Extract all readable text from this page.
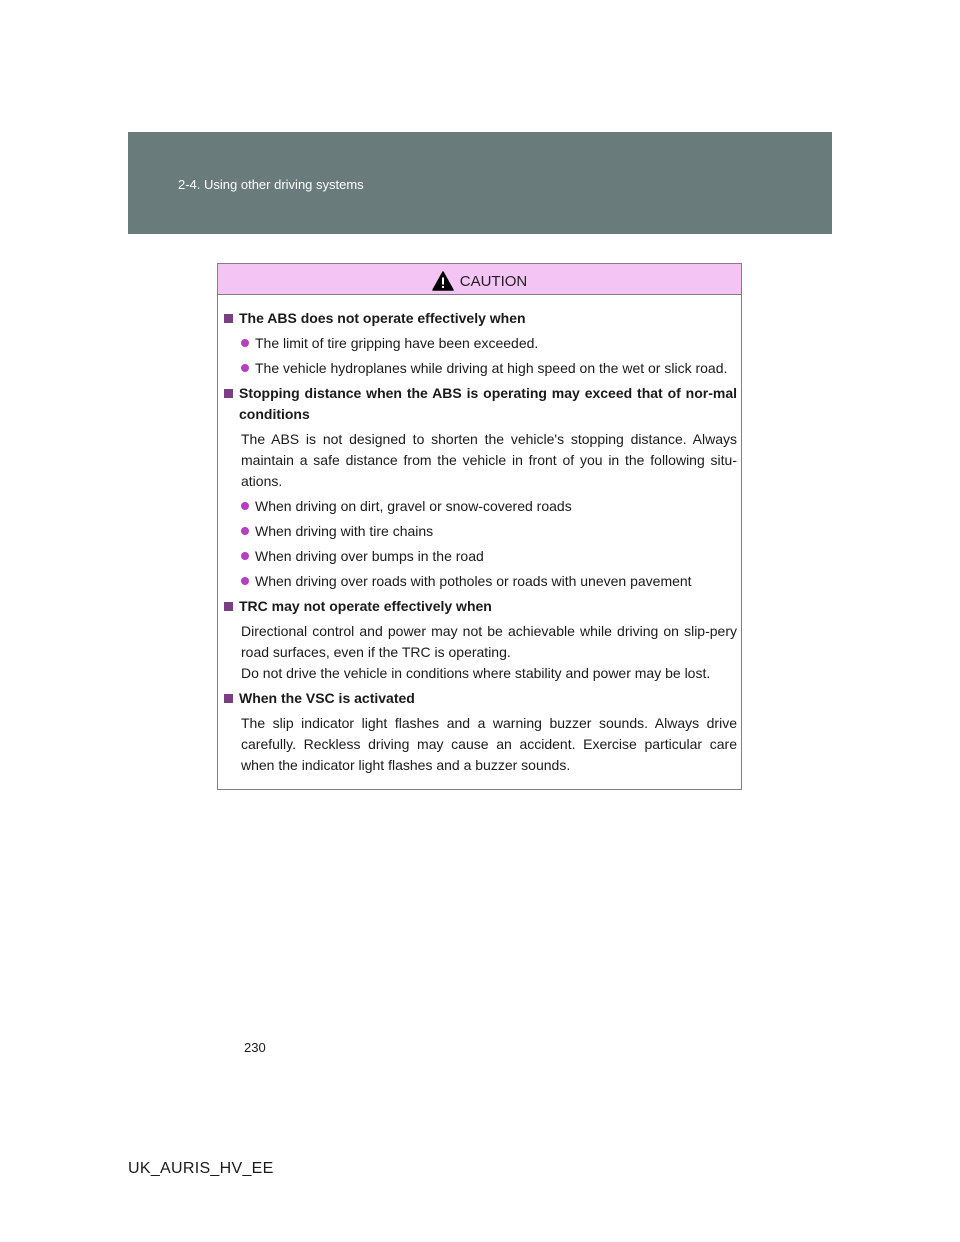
2-4. Using other driving systems
CAUTION
The ABS does not operate effectively when
The limit of tire gripping have been exceeded.
The vehicle hydroplanes while driving at high speed on the wet or slick road.
Stopping distance when the ABS is operating may exceed that of nor-mal conditions
The ABS is not designed to shorten the vehicle's stopping distance. Always maintain a safe distance from the vehicle in front of you in the following situ-ations.
When driving on dirt, gravel or snow-covered roads
When driving with tire chains
When driving over bumps in the road
When driving over roads with potholes or roads with uneven pavement
TRC may not operate effectively when
Directional control and power may not be achievable while driving on slip-pery road surfaces, even if the TRC is operating.
Do not drive the vehicle in conditions where stability and power may be lost.
When the VSC is activated
The slip indicator light flashes and a warning buzzer sounds. Always drive carefully. Reckless driving may cause an accident. Exercise particular care when the indicator light flashes and a buzzer sounds.
230
UK_AURIS_HV_EE
